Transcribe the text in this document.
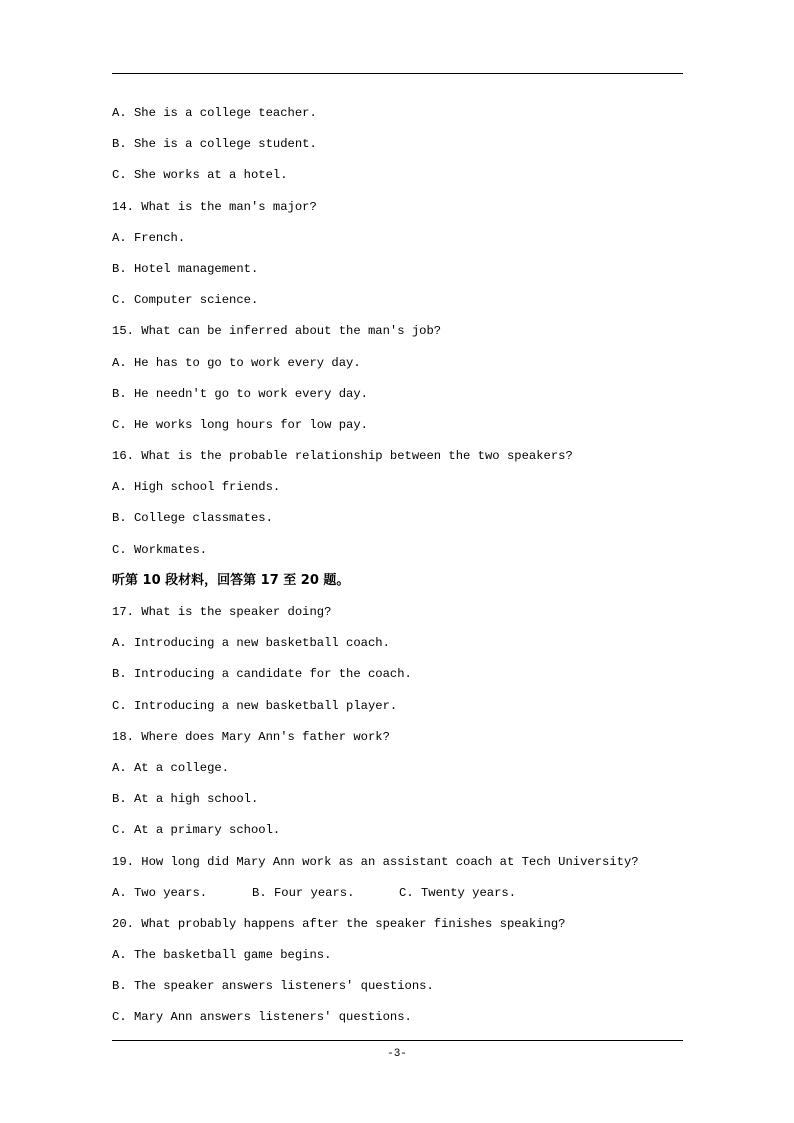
A. She is a college teacher.
B. She is a college student.
C. She works at a hotel.
14. What is the man's major?
A. French.
B. Hotel management.
C. Computer science.
15. What can be inferred about the man's job?
A. He has to go to work every day.
B. He needn't go to work every day.
C. He works long hours for low pay.
16. What is the probable relationship between the two speakers?
A. High school friends.
B. College classmates.
C. Workmates.
听第 10 段材料，回答第 17 至 20 题。
17. What is the speaker doing?
A. Introducing a new basketball coach.
B. Introducing a candidate for the coach.
C. Introducing a new basketball player.
18. Where does Mary Ann's father work?
A. At a college.
B. At a high school.
C. At a primary school.
19. How long did Mary Ann work as an assistant coach at Tech University?
A. Two years.	B. Four years.	C. Twenty years.
20. What probably happens after the speaker finishes speaking?
A. The basketball game begins.
B. The speaker answers listeners' questions.
C. Mary Ann answers listeners' questions.
-3-
